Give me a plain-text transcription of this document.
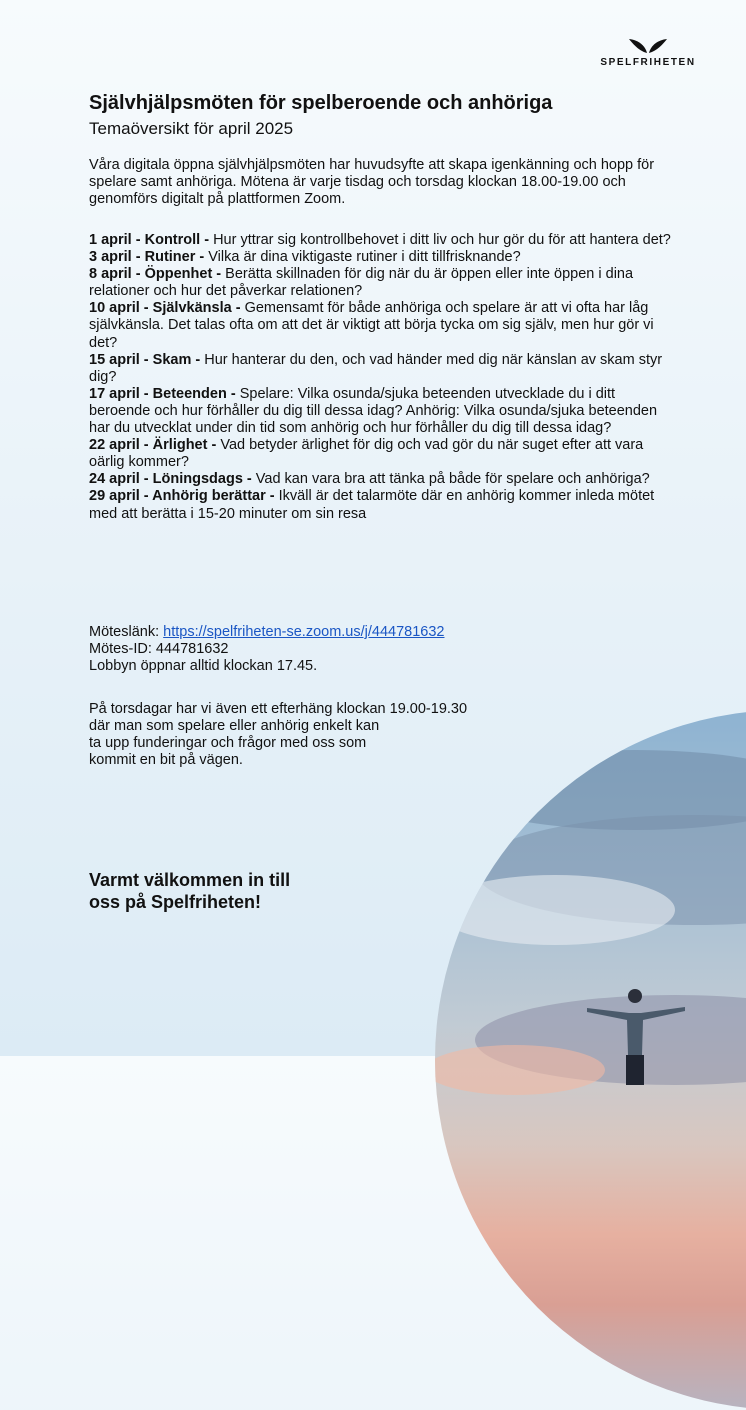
SPELFRIHETEN
Självhjälpsmöten för spelberoende och anhöriga
Temaöversikt för april 2025
Våra digitala öppna självhjälpsmöten har huvudsyfte att skapa igenkänning och hopp för spelare samt anhöriga. Mötena är varje tisdag och torsdag klockan 18.00-19.00 och genomförs digitalt på plattformen Zoom.

1 april - Kontroll - Hur yttrar sig kontrollbehovet i ditt liv och hur gör du för att hantera det?

3 april - Rutiner - Vilka är dina viktigaste rutiner i ditt tillfrisknande?

8 april - Öppenhet - Berätta skillnaden för dig när du är öppen eller inte öppen i dina relationer och hur det påverkar relationen?

10 april - Självkänsla - Gemensamt för både anhöriga och spelare är att vi ofta har låg självkänsla. Det talas ofta om att det är viktigt att börja tycka om sig själv, men hur gör vi det?

15 april - Skam - Hur hanterar du den, och vad händer med dig när känslan av skam styr dig?

17 april - Beteenden - Spelare: Vilka osunda/sjuka beteenden utvecklade du i ditt beroende och hur förhåller du dig till dessa idag? Anhörig: Vilka osunda/sjuka beteenden har du utvecklat under din tid som anhörig och hur förhåller du dig till dessa idag?

22 april - Ärlighet - Vad betyder ärlighet för dig och vad gör du när suget efter att vara oärlig kommer?

24 april - Löningsdags - Vad kan vara bra att tänka på både för spelare och anhöriga?

29 april - Anhörig berättar - Ikväll är det talarmöte där en anhörig kommer inleda mötet med att berätta i 15-20 minuter om sin resa

Möteslänk: https://spelfriheten-se.zoom.us/j/444781632
Mötes-ID: 444781632
Lobbyn öppnar alltid klockan 17.45.
På torsdagar har vi även ett efterhäng klockan 19.00-19.30
där man som spelare eller anhörig enkelt kan
ta upp funderingar och frågor med oss som
kommit en bit på vägen.
Varmt välkommen in till
oss på Spelfriheten!
